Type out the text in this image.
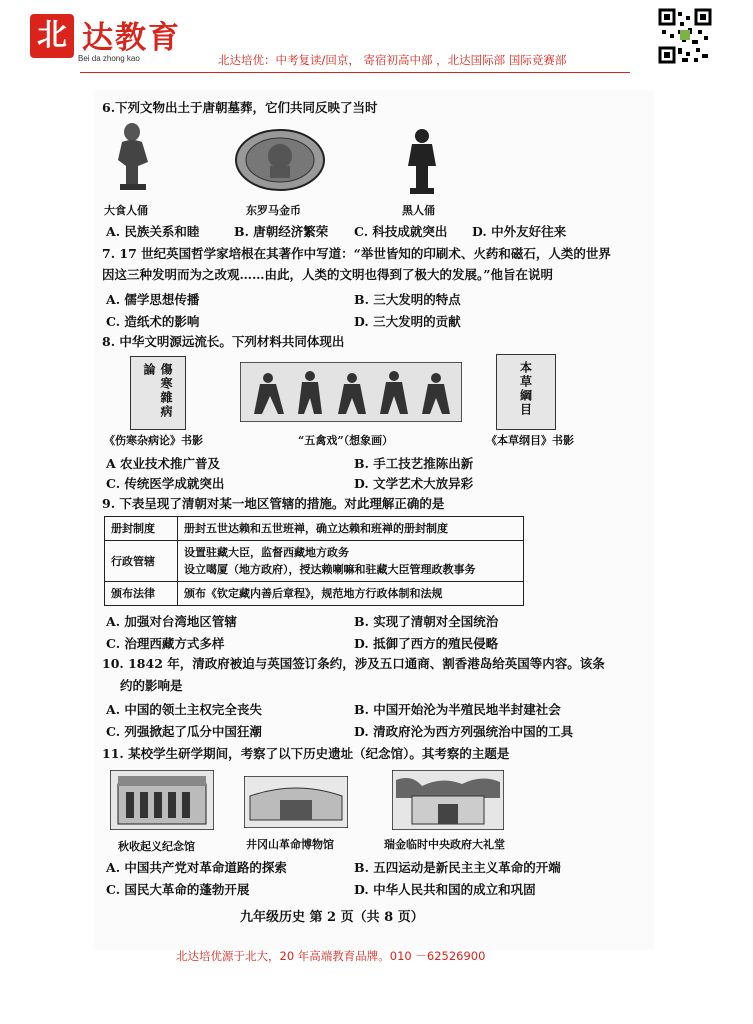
北 达教育
Bei da zhong kao	北达培优：中考复读/回京， 寄宿初高中部 ，北达国际部 国际竞赛部
6.下列文物出土于唐朝墓葬，它们共同反映了当时
大食人俑	东罗马金币	黑人俑
A. 民族关系和睦	B. 唐朝经济繁荣 C. 科技成就突出 D. 中外友好往来
7. 17 世纪英国哲学家培根在其著作中写道：“举世皆知的印刷术、火药和磁石，人类的世界
因这三种发明而为之改观……由此，人类的文明也得到了极大的发展。”他旨在说明
A. 儒学思想传播	B. 三大发明的特点
C. 造纸术的影响	D. 三大发明的贡献
8. 中华文明源远流长。下列材料共同体现出
傷寒雜病論	本草綱目
《伤寒杂病论》书影	“五禽戏”（想象画）	《本草纲目》书影
A 农业技术推广普及	B. 手工技艺推陈出新
C. 传统医学成就突出	D. 文学艺术大放异彩
9. 下表呈现了清朝对某一地区管辖的措施。对此理解正确的是
册封制度	册封五世达赖和五世班禅，确立达赖和班禅的册封制度
行政管辖	设置驻藏大臣，监督西藏地方政务
设立噶厦（地方政府），授达赖喇嘛和驻藏大臣管理政教事务

颁布法律	颁布《钦定藏内善后章程》，规范地方行政体制和法规
A. 加强对台湾地区管辖	B. 实现了清朝对全国统治
C. 治理西藏方式多样	D. 抵御了西方的殖民侵略
10. 1842 年，清政府被迫与英国签订条约，涉及五口通商、割香港岛给英国等内容。该条
约的影响是
A. 中国的领土主权完全丧失	B. 中国开始沦为半殖民地半封建社会
C. 列强掀起了瓜分中国狂潮	D. 清政府沦为西方列强统治中国的工具
11. 某校学生研学期间，考察了以下历史遗址（纪念馆）。其考察的主题是
秋收起义纪念馆	井冈山革命博物馆	瑞金临时中央政府大礼堂
A. 中国共产党对革命道路的探索	B. 五四运动是新民主主义革命的开端
C. 国民大革命的蓬勃开展	D. 中华人民共和国的成立和巩固
九年级历史 第 2 页（共 8 页）
北达培优源于北大，20 年高端教育品牌。010 －62526900
